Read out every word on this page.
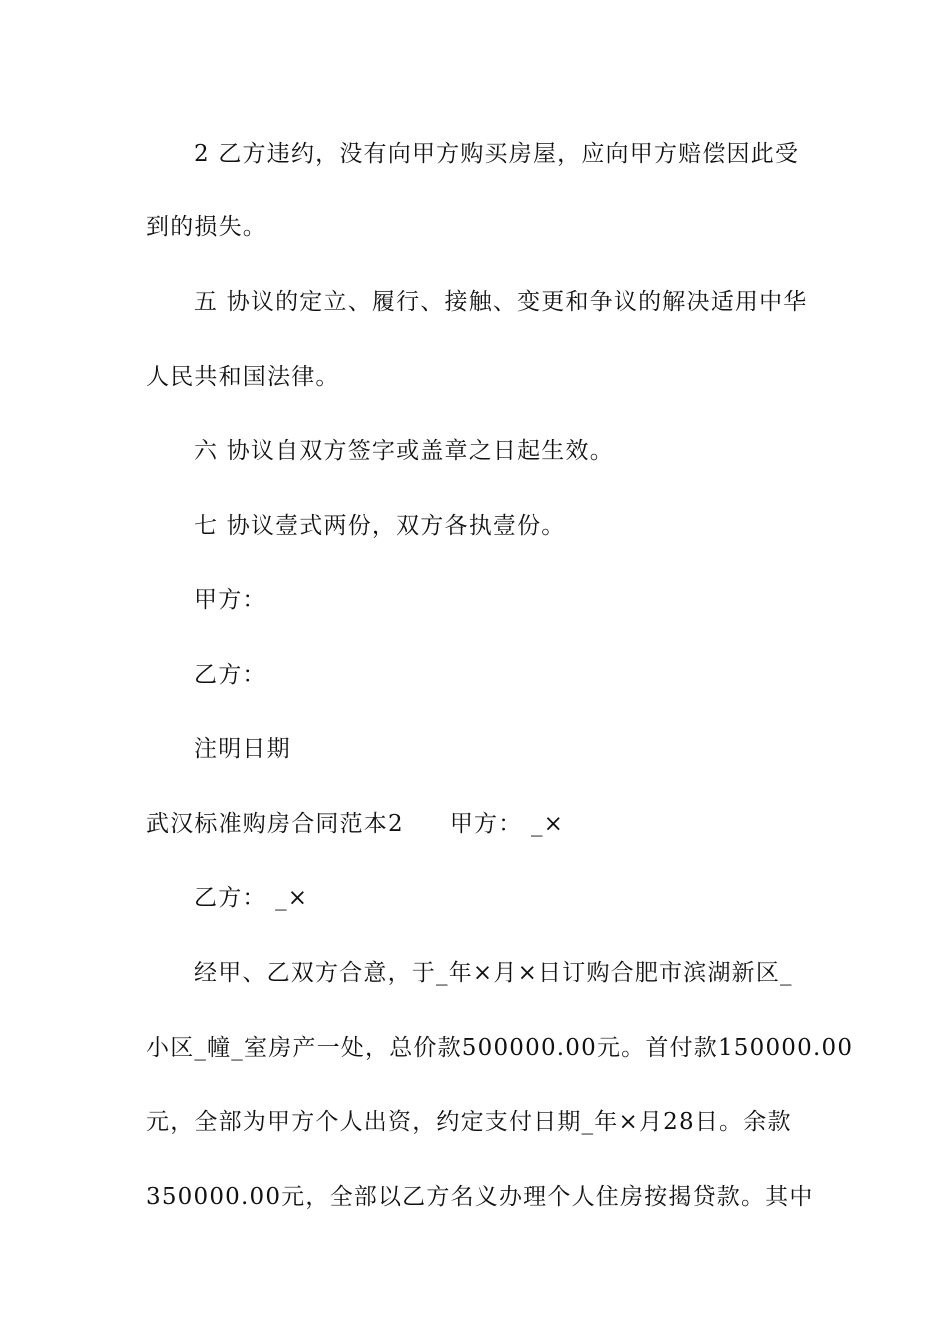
2 乙方违约，没有向甲方购买房屋，应向甲方赔偿因此受
到的损失。
五 协议的定立、履行、接触、变更和争议的解决适用中华
人民共和国法律。
六 协议自双方签字或盖章之日起生效。
七 协议壹式两份，双方各执壹份。
甲方：
乙方：
注明日期
武汉标准购房合同范本2 甲方： _×
乙方： _×
经甲、乙双方合意，于_年×月×日订购合肥市滨湖新区_
小区_幢_室房产一处，总价款500000.00元。首付款150000.00
元，全部为甲方个人出资，约定支付日期_年×月28日。余款
350000.00元，全部以乙方名义办理个人住房按揭贷款。其中
